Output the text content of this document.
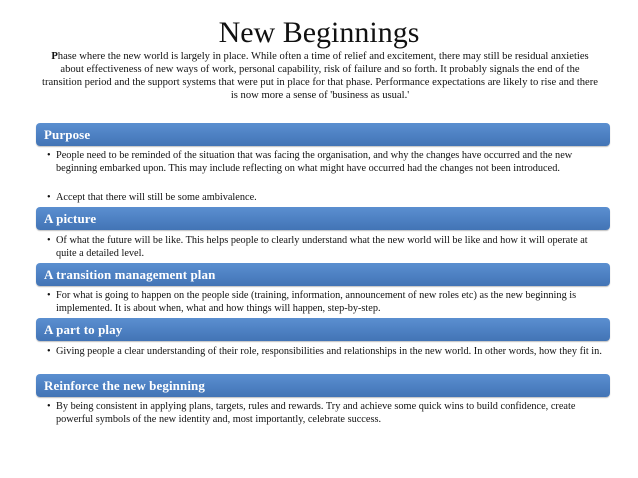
New Beginnings
Phase where the new world is largely in place. While often a time of relief and excitement, there may still be residual anxieties about effectiveness of new ways of work, personal capability, risk of failure and so forth. It probably signals the end of the transition period and the support systems that were put in place for that phase. Performance expectations are likely to rise and there is now more a sense of 'business as usual.'
Purpose
• People need to be reminded of the situation that was facing the organisation, and why the changes have occurred and the new beginning embarked upon. This may include reflecting on what might have occurred had the changes not been introduced.
• Accept that there will still be some ambivalence.
A picture
• Of what the future will be like. This helps people to clearly understand what the new world will be like and how it will operate at quite a detailed level.
A transition management plan
• For what is going to happen on the people side (training, information, announcement of new roles etc) as the new beginning is implemented. It is about when, what and how things will happen, step-by-step.
A part to play
• Giving people a clear understanding of their role, responsibilities and relationships in the new world. In other words, how they fit in.
Reinforce the new beginning
• By being consistent in applying plans, targets, rules and rewards. Try and achieve some quick wins to build confidence, create powerful symbols of the new identity and, most importantly, celebrate success.
